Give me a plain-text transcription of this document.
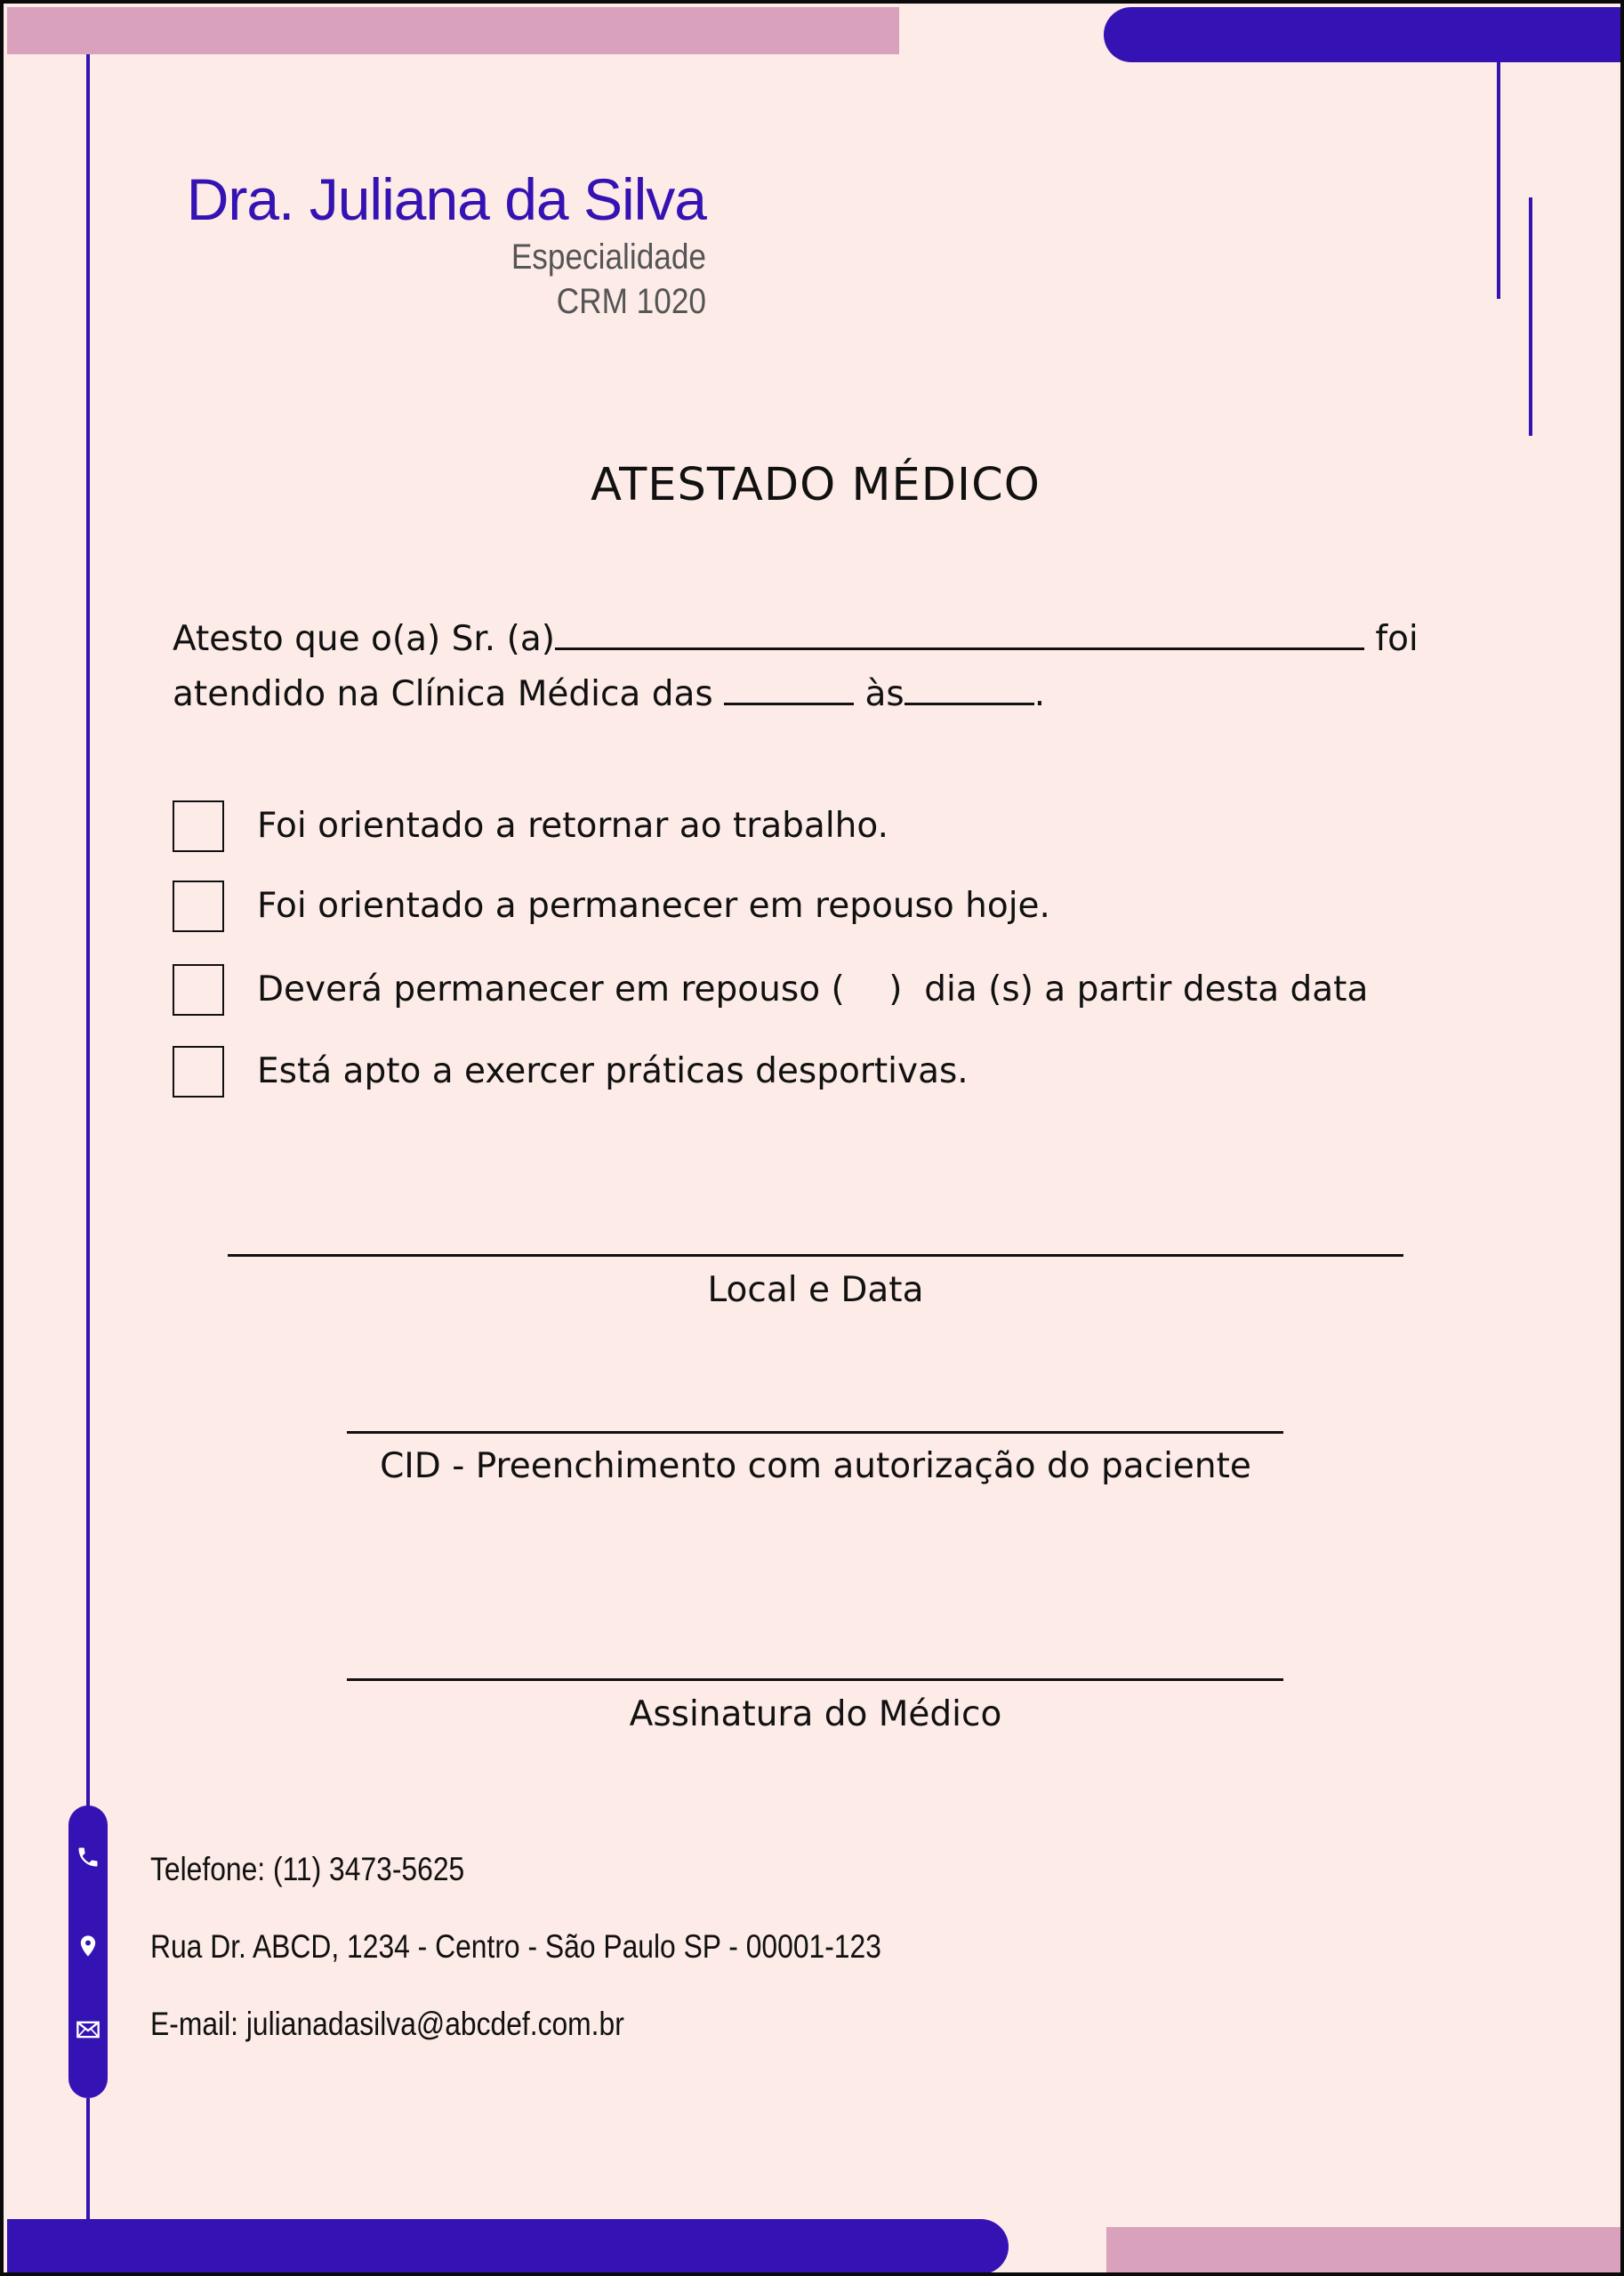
Dra. Juliana da Silva
Especialidade
CRM 1020
ATESTADO MÉDICO
Atesto que o(a) Sr. (a)	foi
atendido na Clínica Médica das	às	.
Foi orientado a retornar ao trabalho.
Foi orientado a permanecer em repouso hoje.
Deverá permanecer em repouso (    )  dia (s) a partir desta data
Está apto a exercer práticas desportivas.
Local e Data
CID - Preenchimento com autorização do paciente
Assinatura do Médico
Telefone: (11) 3473-5625
Rua Dr. ABCD, 1234 - Centro - São Paulo SP - 00001-123
E-mail: julianadasilva@abcdef.com.br
